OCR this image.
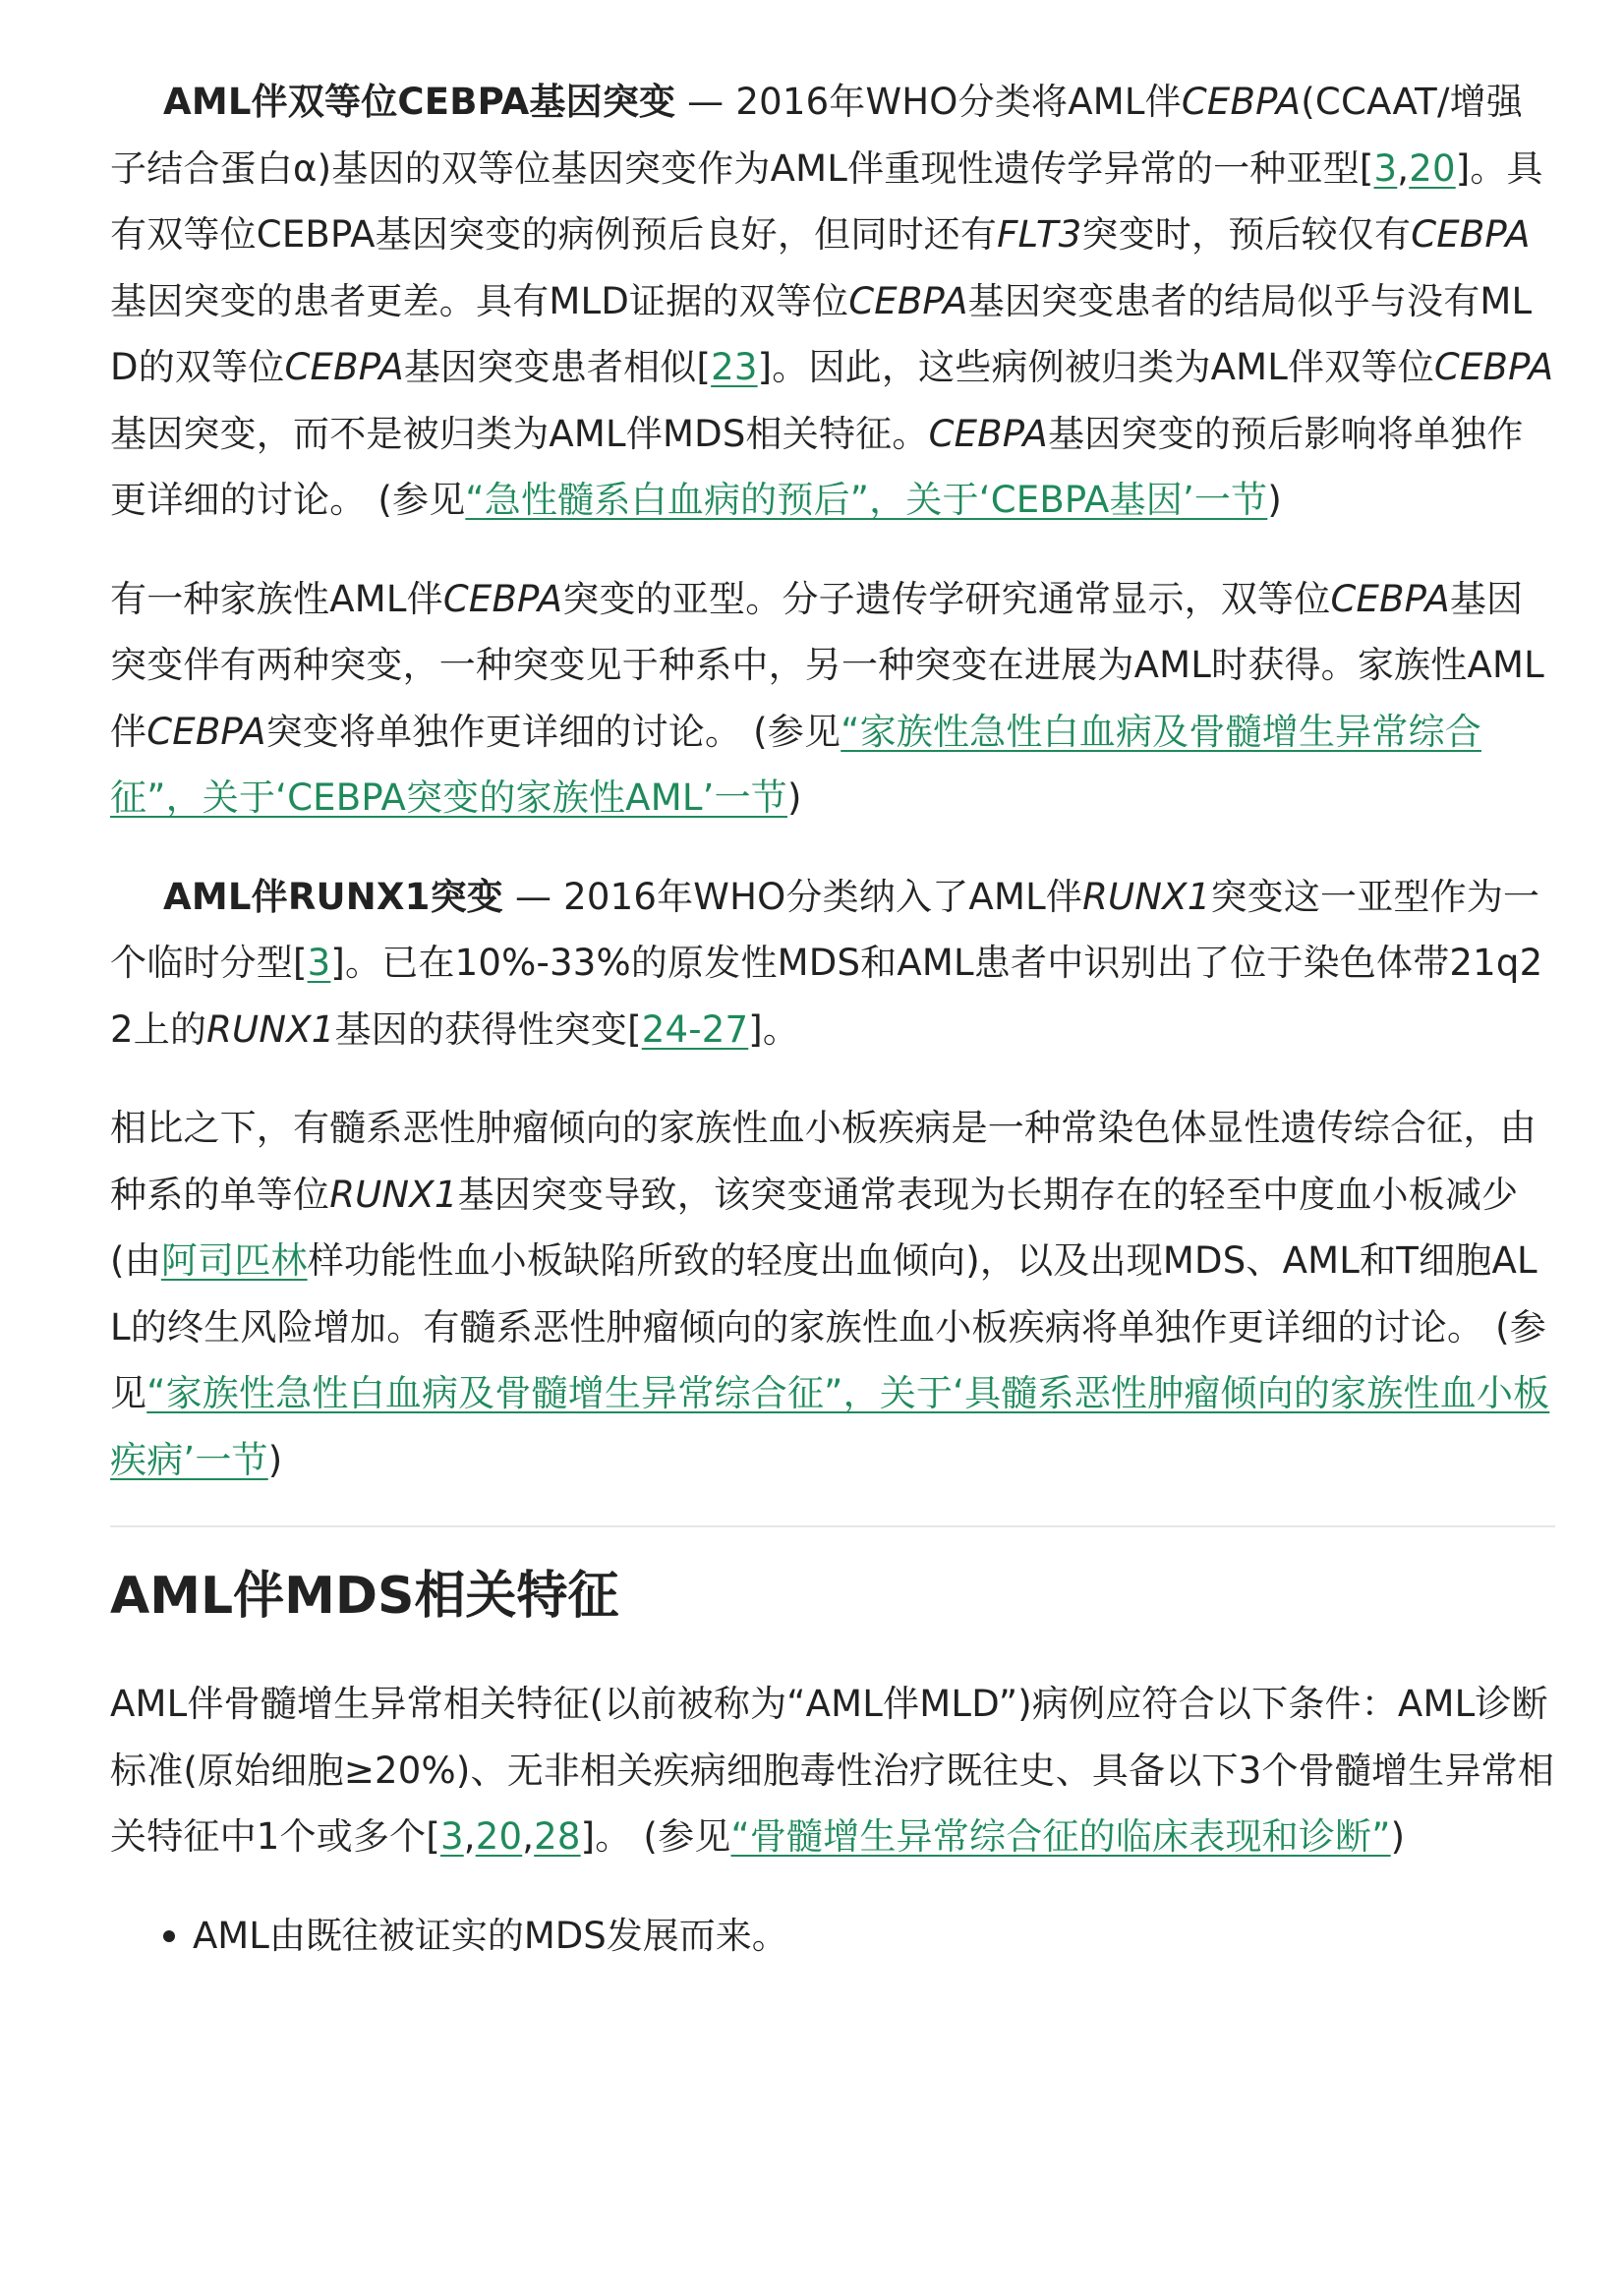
AML伴双等位CEBPA基因突变 — 2016年WHO分类将AML伴CEBPA(CCAAT/增强子结合蛋白α)基因的双等位基因突变作为AML伴重现性遗传学异常的一种亚型[3,20]。具有双等位CEBPA基因突变的病例预后良好，但同时还有FLT3突变时，预后较仅有CEBPA基因突变的患者更差。具有MLD证据的双等位CEBPA基因突变患者的结局似乎与没有MLD的双等位CEBPA基因突变患者相似[23]。因此，这些病例被归类为AML伴双等位CEBPA基因突变，而不是被归类为AML伴MDS相关特征。CEBPA基因突变的预后影响将单独作更详细的讨论。 (参见“急性髓系白血病的预后”，关于‘CEBPA基因’一节)

有一种家族性AML伴CEBPA突变的亚型。分子遗传学研究通常显示，双等位CEBPA基因突变伴有两种突变，一种突变见于种系中，另一种突变在进展为AML时获得。家族性AML伴CEBPA突变将单独作更详细的讨论。 (参见“家族性急性白血病及骨髓增生异常综合征”，关于‘CEBPA突变的家族性AML’一节)

AML伴RUNX1突变 — 2016年WHO分类纳入了AML伴RUNX1突变这一亚型作为一个临时分型[3]。已在10%-33%的原发性MDS和AML患者中识别出了位于染色体带21q22上的RUNX1基因的获得性突变[24-27]。

相比之下，有髓系恶性肿瘤倾向的家族性血小板疾病是一种常染色体显性遗传综合征，由种系的单等位RUNX1基因突变导致，该突变通常表现为长期存在的轻至中度血小板减少(由阿司匹林样功能性血小板缺陷所致的轻度出血倾向)，以及出现MDS、AML和T细胞ALL的终生风险增加。有髓系恶性肿瘤倾向的家族性血小板疾病将单独作更详细的讨论。 (参见“家族性急性白血病及骨髓增生异常综合征”，关于‘具髓系恶性肿瘤倾向的家族性血小板疾病’一节)

AML伴MDS相关特征

AML伴骨髓增生异常相关特征(以前被称为“AML伴MLD”)病例应符合以下条件：AML诊断标准(原始细胞≥20%)、无非相关疾病细胞毒性治疗既往史、具备以下3个骨髓增生异常相关特征中1个或多个[3,20,28]。 (参见“骨髓增生异常综合征的临床表现和诊断”)

AML由既往被证实的MDS发展而来。
